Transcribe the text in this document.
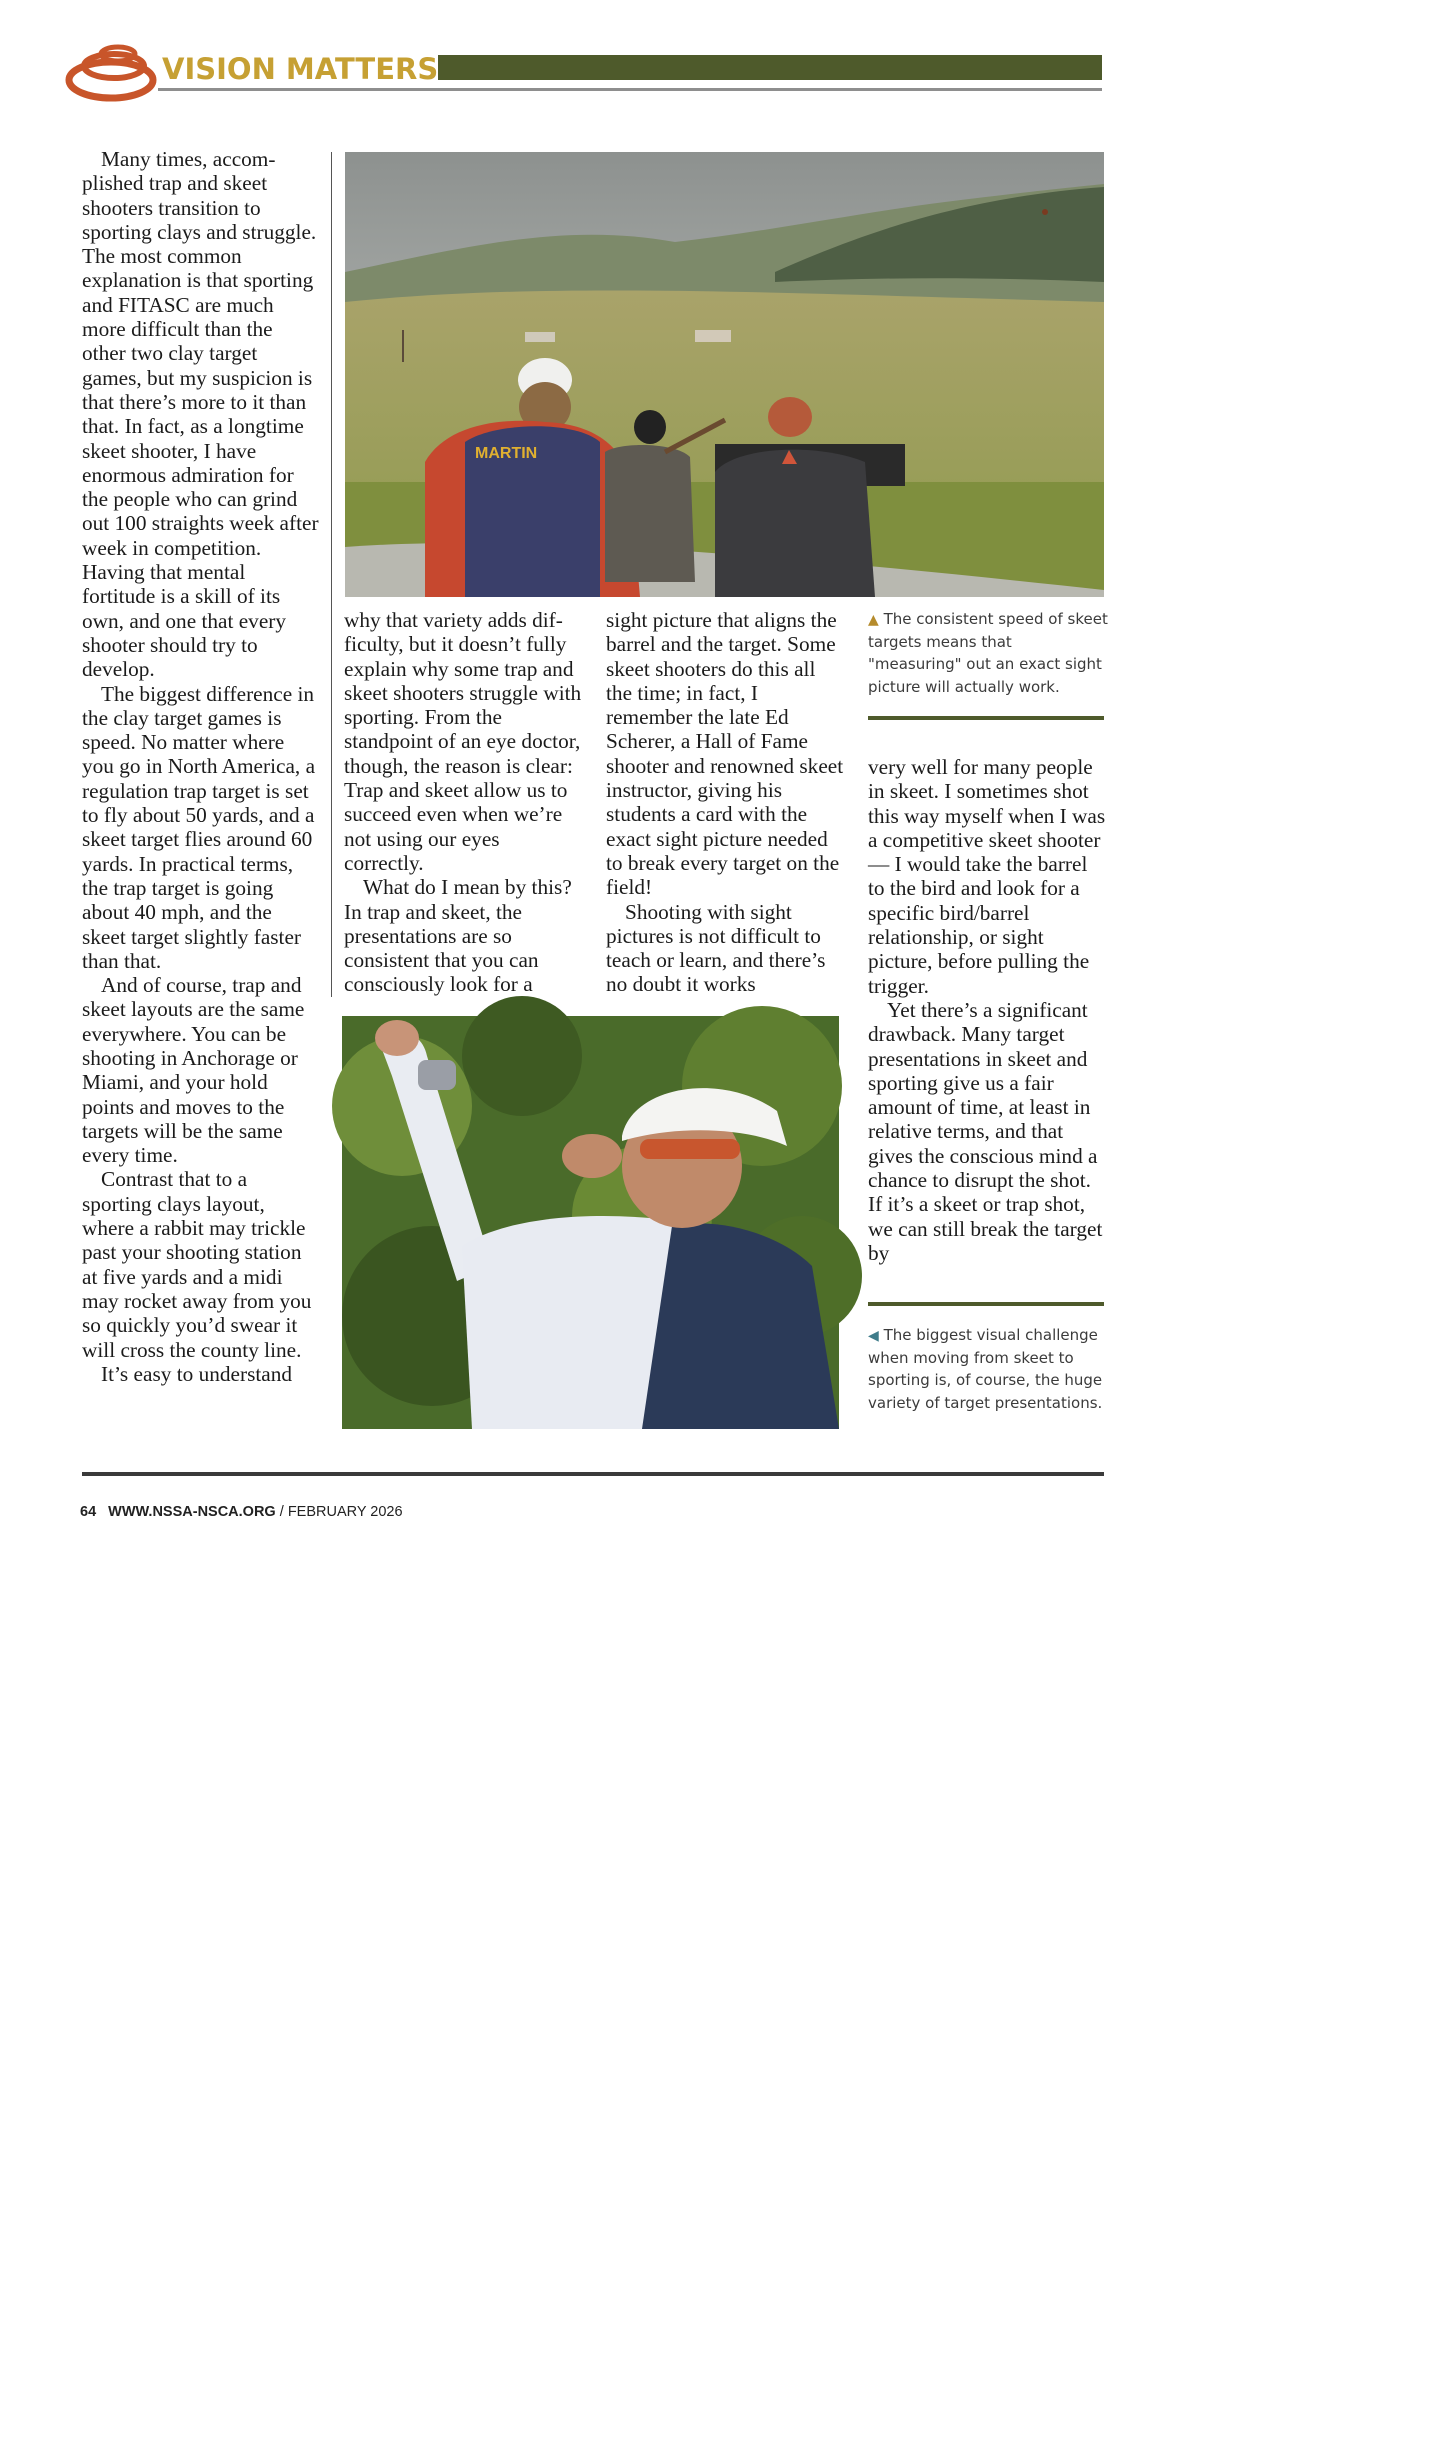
VISION MATTERS

Many times, accomplished trap and skeet shooters transition to sporting clays and struggle. The most common explanation is that sporting and FITASC are much more difficult than the other two clay target games, but my suspicion is that there’s more to it than that. In fact, as a longtime skeet shooter, I have enormous admiration for the people who can grind out 100 straights week after week in competition. Having that mental fortitude is a skill of its own, and one that every shooter should try to develop.

The biggest difference in the clay target games is speed. No matter where you go in North America, a regulation trap target is set to fly about 50 yards, and a skeet target flies around 60 yards. In practical terms, the trap target is going about 40 mph, and the skeet target slightly faster than that.

And of course, trap and skeet layouts are the same everywhere. You can be shooting in Anchorage or Miami, and your hold points and moves to the targets will be the same every time.

Contrast that to a sporting clays layout, where a rabbit may trickle past your shooting station at five yards and a midi may rocket away from you so quickly you’d swear it will cross the county line.

It’s easy to understand

MARTIN
PAUL QUENEAU
▲ The consistent speed of skeet targets means that "measuring" out an exact sight picture will actually work.

why that variety adds difficulty, but it doesn’t fully explain why some trap and skeet shooters struggle with sporting. From the standpoint of an eye doctor, though, the reason is clear: Trap and skeet allow us to succeed even when we’re not using our eyes correctly.

What do I mean by this? In trap and skeet, the presentations are so consistent that you can consciously look for a

sight picture that aligns the barrel and the target. Some skeet shooters do this all the time; in fact, I remember the late Ed Scherer, a Hall of Fame shooter and renowned skeet instructor, giving his students a card with the exact sight picture needed to break every target on the field!

Shooting with sight pictures is not difficult to teach or learn, and there’s no doubt it works

very well for many people in skeet. I sometimes shot this way myself when I was a competitive skeet shooter — I would take the barrel to the bird and look for a specific bird/barrel relationship, or sight picture, before pulling the trigger.

Yet there’s a significant drawback. Many target presentations in skeet and sporting give us a fair amount of time, at least in relative terms, and that gives the conscious mind a chance to disrupt the shot. If it’s a skeet or trap shot, we can still break the target by

LEFTY RAY CHAPA
◀ The biggest visual challenge when moving from skeet to sporting is, of course, the huge variety of target presentations.
64 WWW.NSSA-NSCA.ORG / FEBRUARY 2026
